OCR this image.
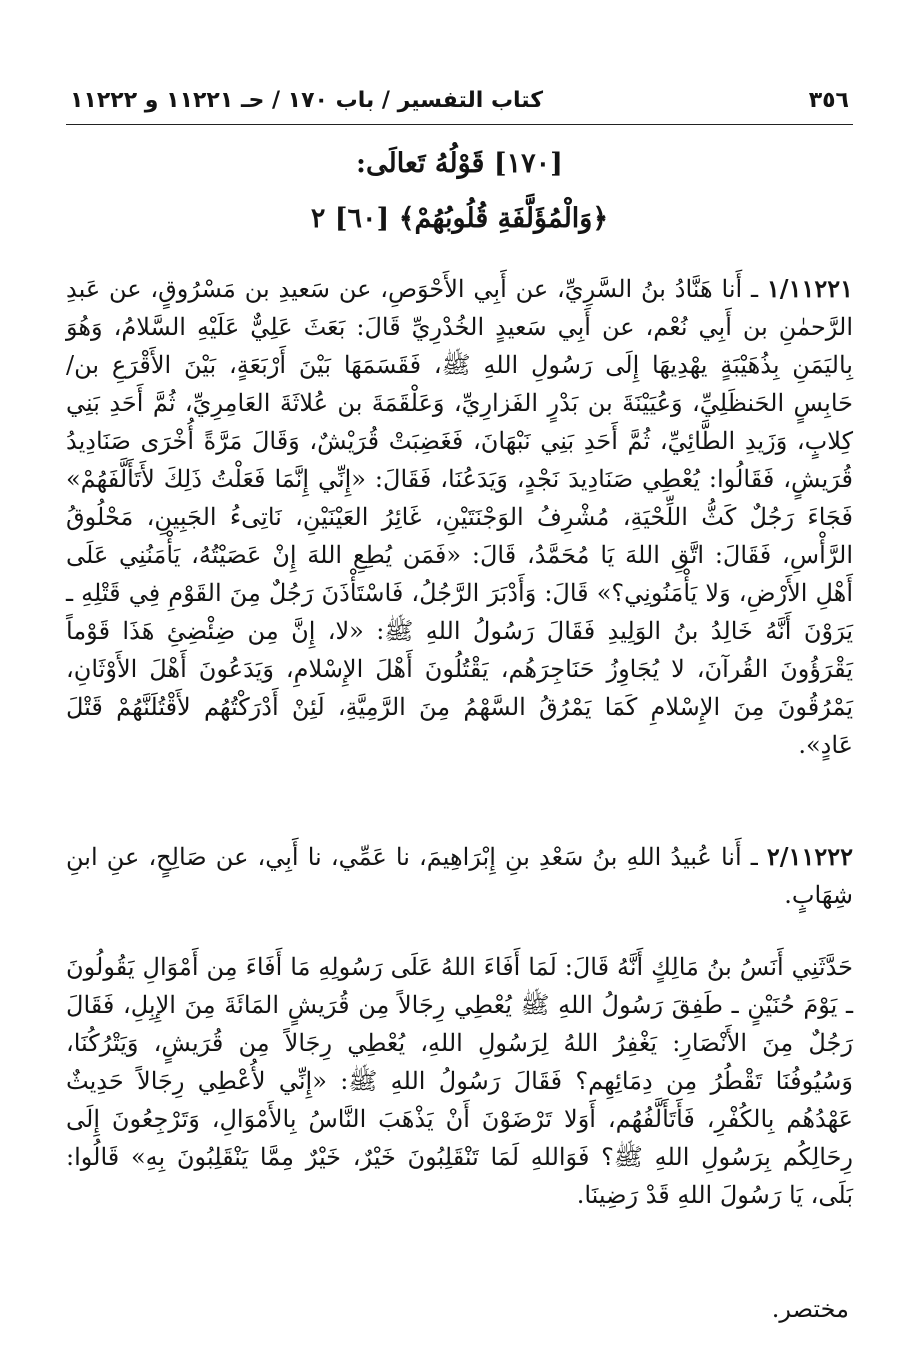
٣٥٦
كتاب التفسير / باب ١٧٠ / حـ ١١٢٢١ و ١١٢٢٢
[١٧٠] قَوْلُهُ تَعالَى:
﴿وَالْمُؤَلَّفَةِ قُلُوبُهُمْ﴾ [٦٠] ٢

١/١١٢٢١ ـ أَنا هَنَّادُ بنُ السَّرِيِّ، عن أَبِي الأَحْوَصِ، عن سَعيدِ بن مَسْرُوقٍ، عن عَبدِ الرَّحمٰنِ بن أَبِي نُعْم، عن أَبِي سَعيدٍ الخُدْرِيِّ قَالَ: بَعَثَ عَلِيٌّ عَلَيْهِ السَّلامُ، وَهُوَ بِاليَمَنِ بِذُهَيْبَةٍ يهْدِيهَا إِلَى رَسُولِ اللهِ ﷺ، فَقَسَمَهَا بَيْنَ أَرْبَعَةٍ، بَيْنَ الأَقْرَعِ بن/ حَابِسٍ الحَنظَلِيِّ، وَعُيَيْنَةَ بن بَدْرٍ الفَزارِيِّ، وَعَلْقَمَةَ بن عُلاثَةَ العَامِرِيِّ، ثُمَّ أَحَدِ بَنِي كِلابٍ، وَزَيدِ الطَّائِيِّ، ثُمَّ أَحَدِ بَنِي نَبْهَانَ، فَغَضِبَتْ قُرَيْشٌ، وَقَالَ مَرَّةً أُخْرَى صَنَادِيدُ قُرَيشٍ، فَقَالُوا: يُعْطِي صَنَادِيدَ نَجْدٍ، وَيَدَعُنَا، فَقَالَ: «إِنِّي إِنَّمَا فَعَلْتُ ذَلِكَ لأَتَأَلَّفَهُمْ» فَجَاءَ رَجُلٌ كَثُّ اللِّحْيَةِ، مُشْرِفُ الوَجْنَتَيْنِ، غَائِرُ العَيْنَيْنِ، نَاتِىءُ الجَبِينِ، مَحْلُوقُ الرَّأْسِ، فَقَالَ: اتَّقِ اللهَ يَا مُحَمَّدُ، قَالَ: «فَمَن يُطِعِ اللهَ إِنْ عَصَيْتُهُ، يَأْمَنُنِي عَلَى أَهْلِ الأَرْضِ، وَلا يَأْمَنُونِي؟» قَالَ: وَأَدْبَرَ الرَّجُلُ، فَاسْتَأْذَنَ رَجُلٌ مِنَ القَوْمِ فِي قَتْلِهِ ـ يَرَوْنَ أَنَّهُ خَالِدُ بنُ الوَلِيدِ فَقَالَ رَسُولُ اللهِ ﷺ: «لا، إِنَّ مِن ضِئْضِئِ هَذَا قَوْماً يَقْرَؤُونَ القُرآنَ، لا يُجَاوِزُ حَنَاجِرَهُم، يَقْتُلُونَ أَهْلَ الإِسْلامِ، وَيَدَعُونَ أَهْلَ الأَوْثَانِ، يَمْرُقُونَ مِنَ الإِسْلامِ كَمَا يَمْرُقُ السَّهْمُ مِنَ الرَّمِيَّةِ، لَئِنْ أَدْرَكْتُهُم لأَقْتُلَنَّهُمْ قَتْلَ عَادٍ».

٢/١١٢٢٢ ـ أَنا عُبيدُ اللهِ بنُ سَعْدِ بنِ إِبْرَاهِيمَ، نا عَمِّي، نا أَبِي، عن صَالِحٍ، عنِ ابنِ شِهَابٍ.

حَدَّثَنِي أَنَسُ بنُ مَالِكٍ أَنَّهُ قَالَ: لَمَا أَفَاءَ اللهُ عَلَى رَسُولِهِ مَا أَفَاءَ مِن أَمْوَالِ يَقُولُونَ ـ يَوْمَ حُنَيْنٍ ـ طَفِقَ رَسُولُ اللهِ ﷺ يُعْطِي رِجَالاً مِن قُرَيشٍ المَائَةَ مِنَ الإِبِلِ، فَقَالَ رَجُلٌ مِنَ الأَنْصَارِ: يَغْفِرُ اللهُ لِرَسُولِ اللهِ، يُعْطِي رِجَالاً مِن قُرَيشٍ، وَيَتْرُكُنَا، وَسُيُوفُنَا تَقْطُرُ مِن دِمَائِهِم؟ فَقَالَ رَسُولُ اللهِ ﷺ: «إِنِّي لأُعْطِي رِجَالاً حَدِيثٌ عَهْدُهُم بِالكُفْرِ، فَأَتَأَلَّفُهُم، أَوَلا تَرْضَوْنَ أَنْ يَذْهَبَ النَّاسُ بِالأَمْوَالِ، وَتَرْجِعُونَ إِلَى رِحَالِكُم بِرَسُولِ اللهِ ﷺ؟ فَوَاللهِ لَمَا تَنْقَلِبُونَ خَيْرٌ، خَيْرٌ مِمَّا يَنْقَلِبُونَ بِهِ» قَالُوا: بَلَى، يَا رَسُولَ اللهِ قَدْ رَضِينَا.

مختصر.
